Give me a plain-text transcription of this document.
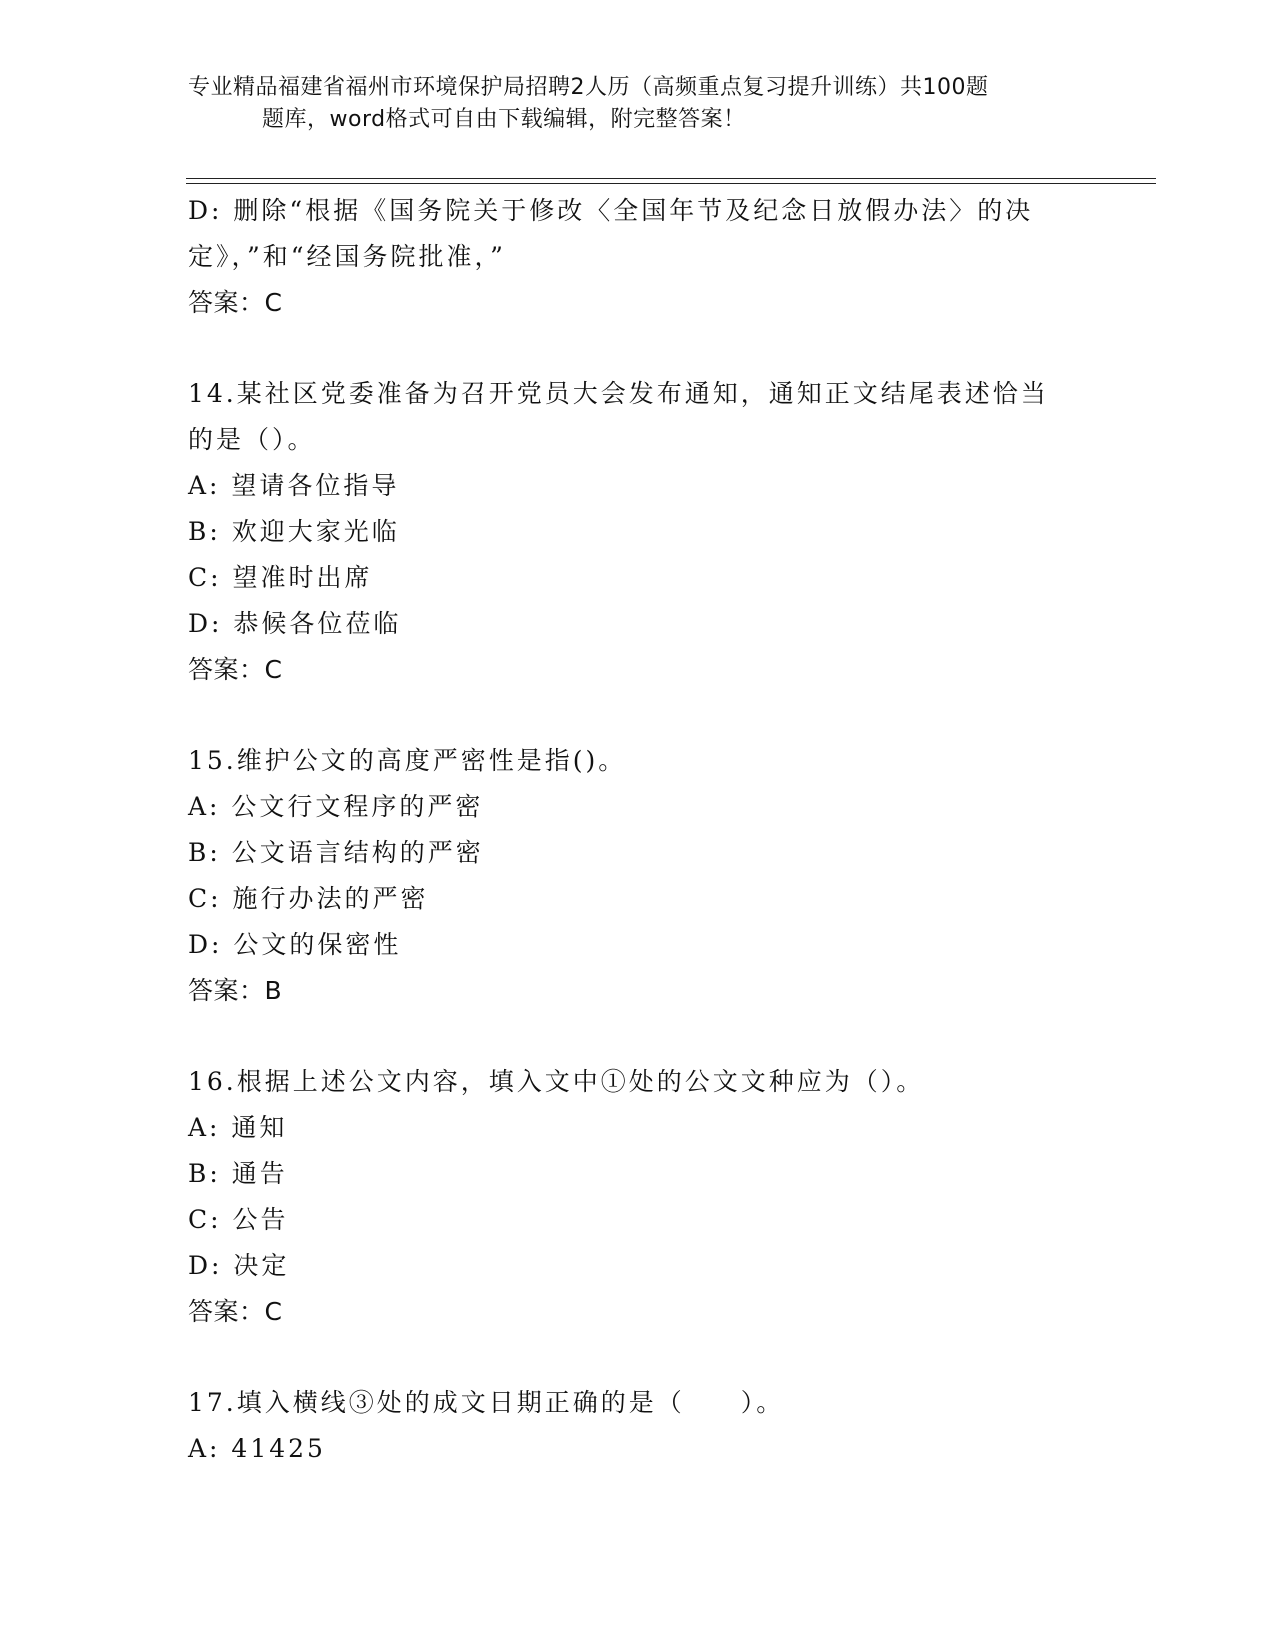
专业精品福建省福州市环境保护局招聘2人历（高频重点复习提升训练）共100题
题库，word格式可自由下载编辑，附完整答案！
D: 删除“根据《国务院关于修改〈全国年节及纪念日放假办法〉的决
定》，”和“经国务院批准，”
答案：C
14.某社区党委准备为召开党员大会发布通知，通知正文结尾表述恰当
的是（）。
A: 望请各位指导
B: 欢迎大家光临
C: 望准时出席
D: 恭候各位莅临
答案：C
15.维护公文的高度严密性是指()。
A: 公文行文程序的严密
B: 公文语言结构的严密
C: 施行办法的严密
D: 公文的保密性
答案：B
16.根据上述公文内容，填入文中①处的公文文种应为（）。
A: 通知
B: 通告
C: 公告
D: 决定
答案：C
17.填入横线③处的成文日期正确的是（　　）。
A: 41425
